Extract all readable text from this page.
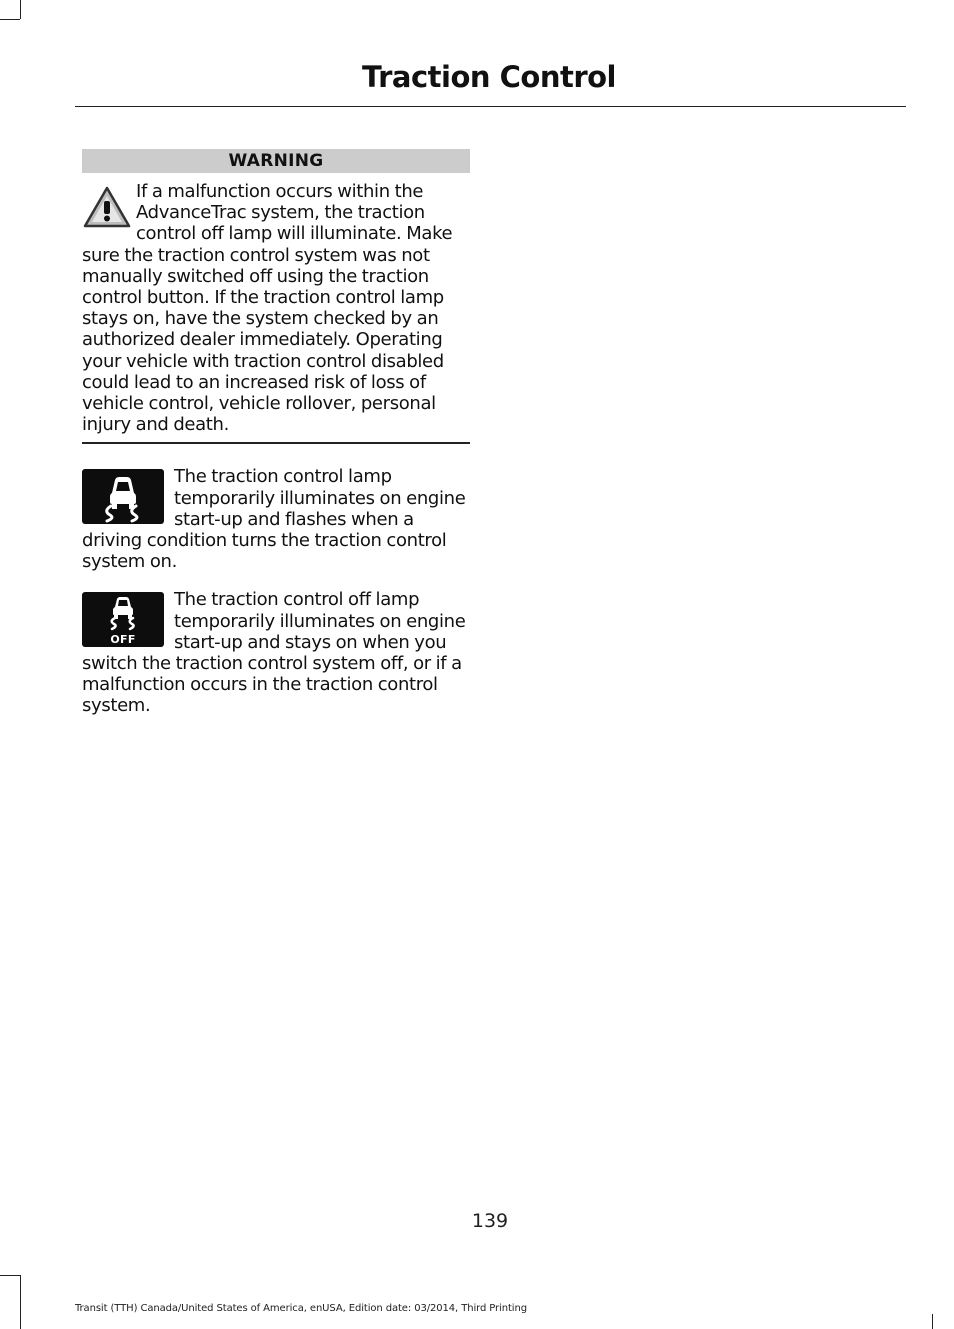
Traction Control
WARNING

If a malfunction occurs within the AdvanceTrac system, the traction control off lamp will illuminate. Make sure the traction control system was not manually switched off using the traction control button. If the traction control lamp stays on, have the system checked by an authorized dealer immediately. Operating your vehicle with traction control disabled could lead to an increased risk of loss of vehicle control, vehicle rollover, personal injury and death.

The traction control lamp temporarily illuminates on engine start-up and flashes when a driving condition turns the traction control system on.

OFF

The traction control off lamp temporarily illuminates on engine start-up and stays on when you switch the traction control system off, or if a malfunction occurs in the traction control system.

139
Transit (TTH) Canada/United States of America, enUSA, Edition date: 03/2014, Third Printing
